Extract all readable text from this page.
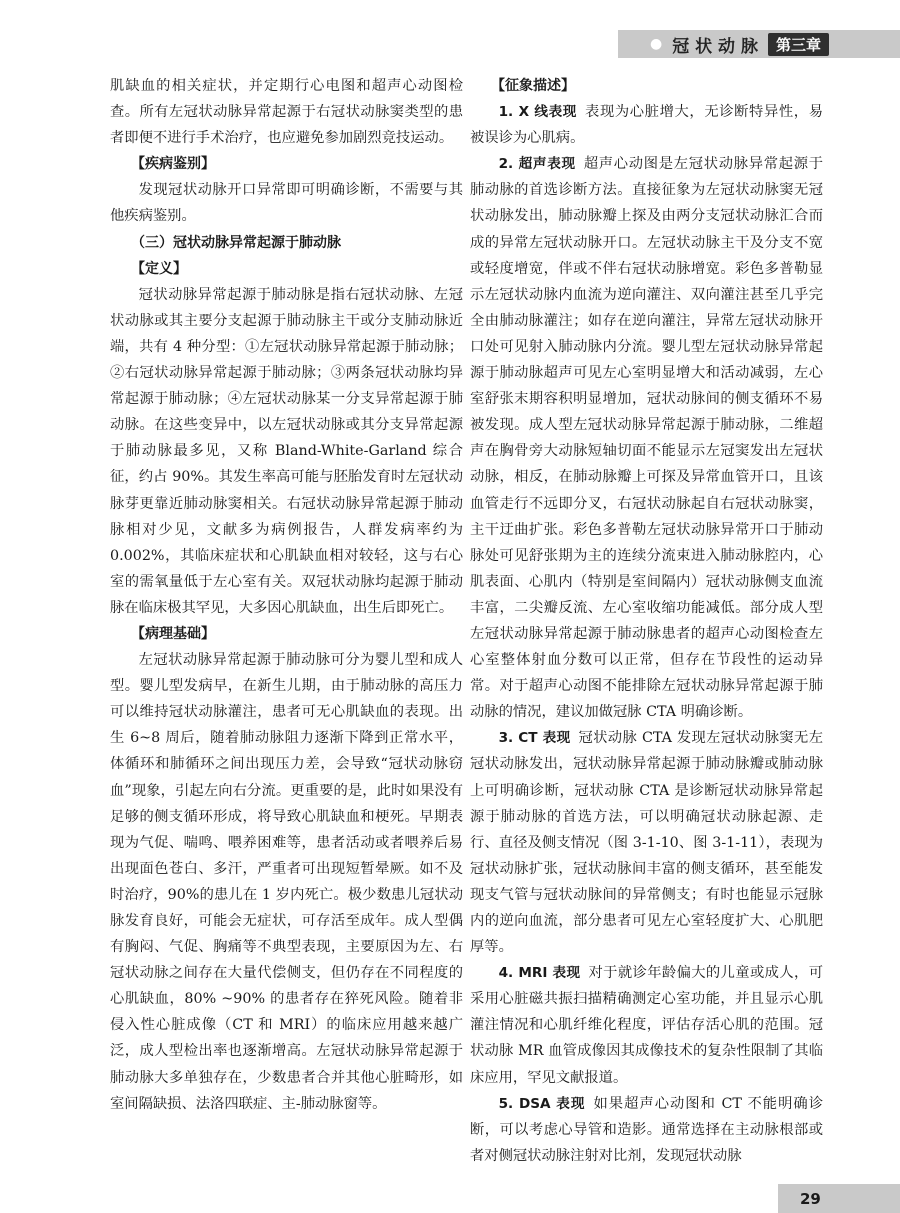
● 冠 状 动 脉	第三章

肌缺血的相关症状，并定期行心电图和超声心动图检查。所有左冠状动脉异常起源于右冠状动脉窦类型的患者即便不进行手术治疗，也应避免参加剧烈竞技运动。

【疾病鉴别】

发现冠状动脉开口异常即可明确诊断，不需要与其他疾病鉴别。

（三）冠状动脉异常起源于肺动脉
【定义】

冠状动脉异常起源于肺动脉是指右冠状动脉、左冠状动脉或其主要分支起源于肺动脉主干或分支肺动脉近端，共有 4 种分型：①左冠状动脉异常起源于肺动脉；②右冠状动脉异常起源于肺动脉；③两条冠状动脉均异常起源于肺动脉；④左冠状动脉某一分支异常起源于肺动脉。在这些变异中，以左冠状动脉或其分支异常起源于肺动脉最多见，又称 Bland-White-Garland 综合征，约占 90%。其发生率高可能与胚胎发育时左冠状动脉芽更靠近肺动脉窦相关。右冠状动脉异常起源于肺动脉相对少见，文献多为病例报告，人群发病率约为 0.002%，其临床症状和心肌缺血相对较轻，这与右心室的需氧量低于左心室有关。双冠状动脉均起源于肺动脉在临床极其罕见，大多因心肌缺血，出生后即死亡。

【病理基础】

左冠状动脉异常起源于肺动脉可分为婴儿型和成人型。婴儿型发病早，在新生儿期，由于肺动脉的高压力可以维持冠状动脉灌注，患者可无心肌缺血的表现。出生 6~8 周后，随着肺动脉阻力逐渐下降到正常水平，体循环和肺循环之间出现压力差，会导致“冠状动脉窃血”现象，引起左向右分流。更重要的是，此时如果没有足够的侧支循环形成，将导致心肌缺血和梗死。早期表现为气促、喘鸣、喂养困难等，患者活动或者喂养后易出现面色苍白、多汗，严重者可出现短暂晕厥。如不及时治疗，90%的患儿在 1 岁内死亡。极少数患儿冠状动脉发育良好，可能会无症状，可存活至成年。成人型偶有胸闷、气促、胸痛等不典型表现，主要原因为左、右冠状动脉之间存在大量代偿侧支，但仍存在不同程度的心肌缺血，80% ~90% 的患者存在猝死风险。随着非侵入性心脏成像（CT 和 MRI）的临床应用越来越广泛，成人型检出率也逐渐增高。左冠状动脉异常起源于肺动脉大多单独存在，少数患者合并其他心脏畸形，如室间隔缺损、法洛四联症、主-肺动脉窗等。

【征象描述】

1. X 线表现 表现为心脏增大，无诊断特异性，易被误诊为心肌病。

2. 超声表现 超声心动图是左冠状动脉异常起源于肺动脉的首选诊断方法。直接征象为左冠状动脉窦无冠状动脉发出，肺动脉瓣上探及由两分支冠状动脉汇合而成的异常左冠状动脉开口。左冠状动脉主干及分支不宽或轻度增宽，伴或不伴右冠状动脉增宽。彩色多普勒显示左冠状动脉内血流为逆向灌注、双向灌注甚至几乎完全由肺动脉灌注；如存在逆向灌注，异常左冠状动脉开口处可见射入肺动脉内分流。婴儿型左冠状动脉异常起源于肺动脉超声可见左心室明显增大和活动减弱，左心室舒张末期容积明显增加，冠状动脉间的侧支循环不易被发现。成人型左冠状动脉异常起源于肺动脉，二维超声在胸骨旁大动脉短轴切面不能显示左冠窦发出左冠状动脉，相反，在肺动脉瓣上可探及异常血管开口，且该血管走行不远即分叉，右冠状动脉起自右冠状动脉窦，主干迂曲扩张。彩色多普勒左冠状动脉异常开口于肺动脉处可见舒张期为主的连续分流束进入肺动脉腔内，心肌表面、心肌内（特别是室间隔内）冠状动脉侧支血流丰富，二尖瓣反流、左心室收缩功能减低。部分成人型左冠状动脉异常起源于肺动脉患者的超声心动图检查左心室整体射血分数可以正常，但存在节段性的运动异常。对于超声心动图不能排除左冠状动脉异常起源于肺动脉的情况，建议加做冠脉 CTA 明确诊断。

3. CT 表现 冠状动脉 CTA 发现左冠状动脉窦无左冠状动脉发出，冠状动脉异常起源于肺动脉瓣或肺动脉上可明确诊断，冠状动脉 CTA 是诊断冠状动脉异常起源于肺动脉的首选方法，可以明确冠状动脉起源、走行、直径及侧支情况（图 3-1-10、图 3-1-11），表现为冠状动脉扩张，冠状动脉间丰富的侧支循环，甚至能发现支气管与冠状动脉间的异常侧支；有时也能显示冠脉内的逆向血流，部分患者可见左心室轻度扩大、心肌肥厚等。

4. MRI 表现 对于就诊年龄偏大的儿童或成人，可采用心脏磁共振扫描精确测定心室功能，并且显示心肌灌注情况和心肌纤维化程度，评估存活心肌的范围。冠状动脉 MR 血管成像因其成像技术的复杂性限制了其临床应用，罕见文献报道。

5. DSA 表现 如果超声心动图和 CT 不能明确诊断，可以考虑心导管和造影。通常选择在主动脉根部或者对侧冠状动脉注射对比剂，发现冠状动脉

29
